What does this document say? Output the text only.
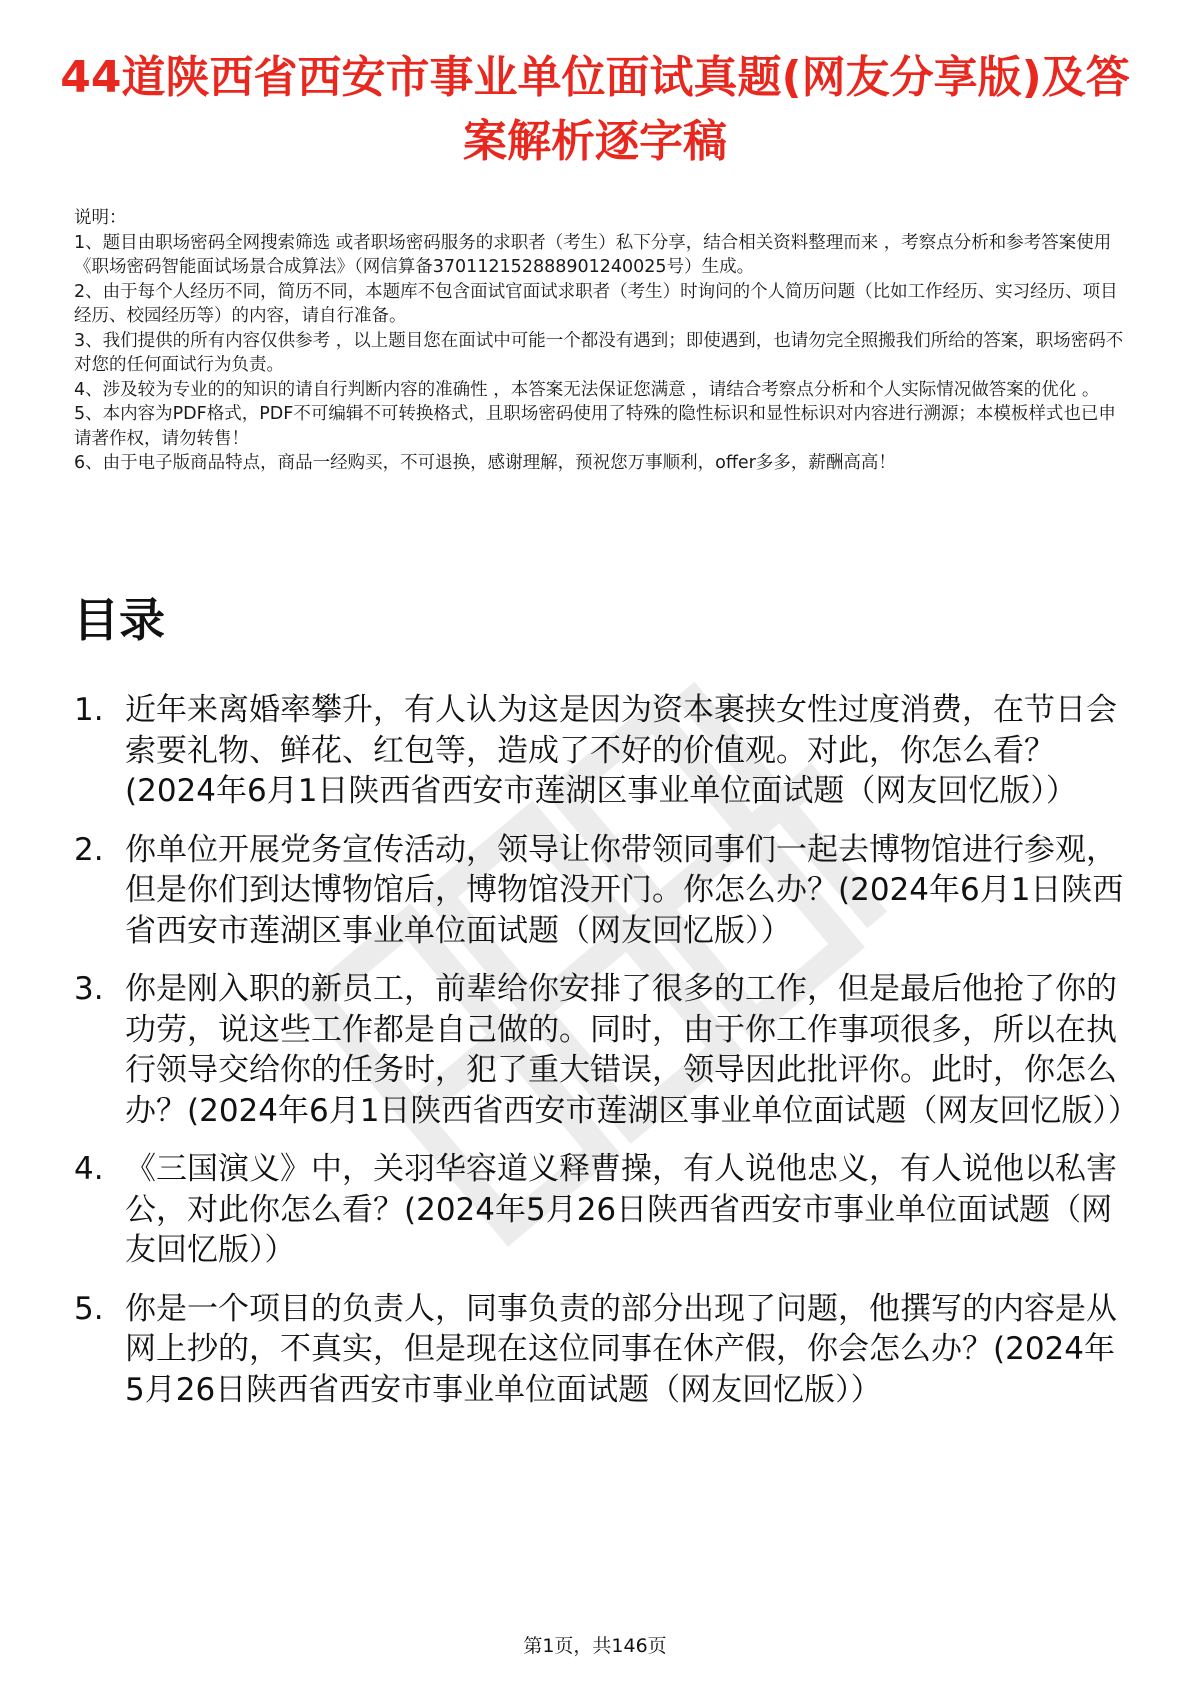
44道陕西省西安市事业单位面试真题(网友分享版)及答案解析逐字稿
说明：
1、题目由职场密码全网搜索筛选 或者职场密码服务的求职者（考生）私下分享，结合相关资料整理而来 ，考察点分析和参考答案使用《职场密码智能面试场景合成算法》（网信算备370112152888901240025号）生成。
2、由于每个人经历不同，简历不同，本题库不包含面试官面试求职者（考生）时询问的个人简历问题（比如工作经历、实习经历、项目经历、校园经历等）的内容，请自行准备。
3、我们提供的所有内容仅供参考 ，以上题目您在面试中可能一个都没有遇到；即使遇到，也请勿完全照搬我们所给的答案，职场密码不对您的任何面试行为负责。
4、涉及较为专业的的知识的请自行判断内容的准确性 ，本答案无法保证您满意 ，请结合考察点分析和个人实际情况做答案的优化 。
5、本内容为PDF格式，PDF不可编辑不可转换格式，且职场密码使用了特殊的隐性标识和显性标识对内容进行溯源；本模板样式也已申请著作权，请勿转售！
6、由于电子版商品特点，商品一经购买，不可退换，感谢理解，预祝您万事顺利，offer多多，薪酬高高！
目录
1. 近年来离婚率攀升，有人认为这是因为资本裹挟女性过度消费，在节日会索要礼物、鲜花、红包等，造成了不好的价值观。对此，你怎么看？(2024年6月1日陕西省西安市莲湖区事业单位面试题（网友回忆版））
2. 你单位开展党务宣传活动，领导让你带领同事们一起去博物馆进行参观，但是你们到达博物馆后，博物馆没开门。你怎么办？(2024年6月1日陕西省西安市莲湖区事业单位面试题（网友回忆版））
3. 你是刚入职的新员工，前辈给你安排了很多的工作，但是最后他抢了你的功劳，说这些工作都是自己做的。同时，由于你工作事项很多，所以在执行领导交给你的任务时，犯了重大错误，领导因此批评你。此时，你怎么办？(2024年6月1日陕西省西安市莲湖区事业单位面试题（网友回忆版））
4. 《三国演义》中，关羽华容道义释曹操，有人说他忠义，有人说他以私害公，对此你怎么看？(2024年5月26日陕西省西安市事业单位面试题（网友回忆版））
5. 你是一个项目的负责人，同事负责的部分出现了问题，他撰写的内容是从网上抄的，不真实，但是现在这位同事在休产假，你会怎么办？(2024年5月26日陕西省西安市事业单位面试题（网友回忆版））
第1页，共146页
